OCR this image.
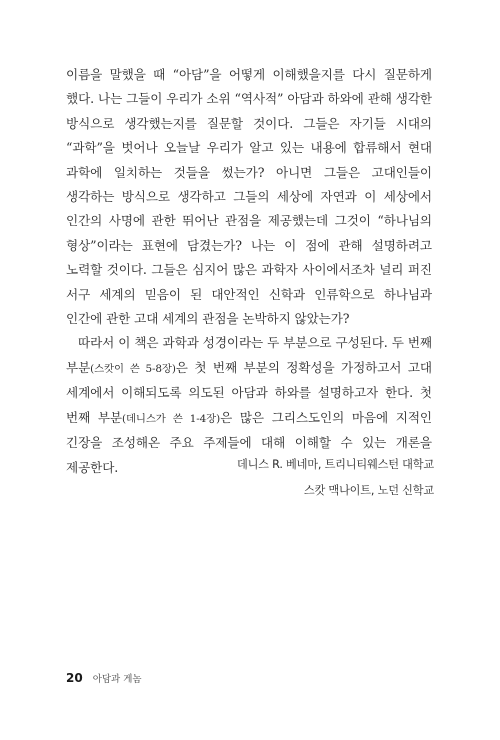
이름을 말했을 때 “아담”을 어떻게 이해했을지를 다시 질문하게 했다. 나는 그들이 우리가 소위 “역사적” 아담과 하와에 관해 생각한 방식으로 생각했는지를 질문할 것이다. 그들은 자기들 시대의 “과학”을 벗어나 오늘날 우리가 알고 있는 내용에 합류해서 현대 과학에 일치하는 것들을 썼는가? 아니면 그들은 고대인들이 생각하는 방식으로 생각하고 그들의 세상에 자연과 이 세상에서 인간의 사명에 관한 뛰어난 관점을 제공했는데 그것이 “하나님의 형상”이라는 표현에 담겼는가? 나는 이 점에 관해 설명하려고 노력할 것이다. 그들은 심지어 많은 과학자 사이에서조차 널리 퍼진 서구 세계의 믿음이 된 대안적인 신학과 인류학으로 하나님과 인간에 관한 고대 세계의 관점을 논박하지 않았는가?

따라서 이 책은 과학과 성경이라는 두 부분으로 구성된다. 두 번째 부분(스캇이 쓴 5-8장)은 첫 번째 부분의 정확성을 가정하고서 고대 세계에서 이해되도록 의도된 아담과 하와를 설명하고자 한다. 첫 번째 부분(데니스가 쓴 1-4장)은 많은 그리스도인의 마음에 지적인 긴장을 조성해온 주요 주제들에 대해 이해할 수 있는 개론을 제공한다.	데니스 R. 베네마, 트리니티웨스턴 대학교
스캇 맥나이트, 노던 신학교
20 아담과 게놈
